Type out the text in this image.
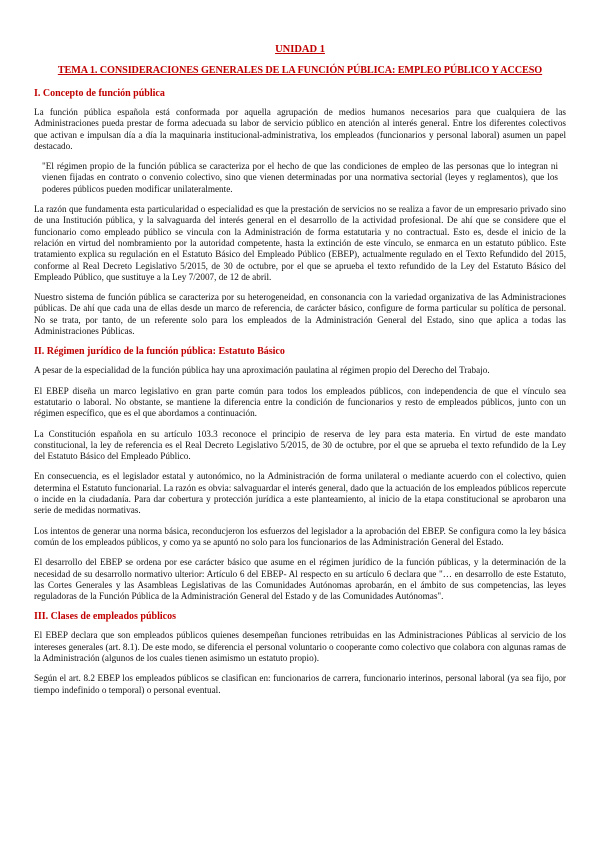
UNIDAD 1
TEMA 1. CONSIDERACIONES GENERALES DE LA FUNCIÓN PÚBLICA: EMPLEO PÚBLICO Y ACCESO
I. Concepto de función pública

La función pública española está conformada por aquella agrupación de medios humanos necesarios para que cualquiera de las Administraciones pueda prestar de forma adecuada su labor de servicio público en atención al interés general. Entre los diferentes colectivos que activan e impulsan día a día la maquinaria institucional-administrativa, los empleados (funcionarios y personal laboral) asumen un papel destacado.

"El régimen propio de la función pública se caracteriza por el hecho de que las condiciones de empleo de las personas que lo integran ni vienen fijadas en contrato o convenio colectivo, sino que vienen determinadas por una normativa sectorial (leyes y reglamentos), que los poderes públicos pueden modificar unilateralmente.

La razón que fundamenta esta particularidad o especialidad es que la prestación de servicios no se realiza a favor de un empresario privado sino de una Institución pública, y la salvaguarda del interés general en el desarrollo de la actividad profesional. De ahí que se considere que el funcionario como empleado público se vincula con la Administración de forma estatutaria y no contractual. Esto es, desde el inicio de la relación en virtud del nombramiento por la autoridad competente, hasta la extinción de este vínculo, se enmarca en un estatuto público. Este tratamiento explica su regulación en el Estatuto Básico del Empleado Público (EBEP), actualmente regulado en el Texto Refundido del 2015, conforme al Real Decreto Legislativo 5/2015, de 30 de octubre, por el que se aprueba el texto refundido de la Ley del Estatuto Básico del Empleado Público, que sustituye a la Ley 7/2007, de 12 de abril.

Nuestro sistema de función pública se caracteriza por su heterogeneidad, en consonancia con la variedad organizativa de las Administraciones públicas. De ahí que cada una de ellas desde un marco de referencia, de carácter básico, configure de forma particular su política de personal. No se trata, por tanto, de un referente solo para los empleados de la Administración General del Estado, sino que aplica a todas las Administraciones Públicas.

II. Régimen jurídico de la función pública: Estatuto Básico

A pesar de la especialidad de la función pública hay una aproximación paulatina al régimen propio del Derecho del Trabajo.

El EBEP diseña un marco legislativo en gran parte común para todos los empleados públicos, con independencia de que el vínculo sea estatutario o laboral. No obstante, se mantiene la diferencia entre la condición de funcionarios y resto de empleados públicos, junto con un régimen específico, que es el que abordamos a continuación.

La Constitución española en su artículo 103.3 reconoce el principio de reserva de ley para esta materia. En virtud de este mandato constitucional, la ley de referencia es el Real Decreto Legislativo 5/2015, de 30 de octubre, por el que se aprueba el texto refundido de la Ley del Estatuto Básico del Empleado Público.

En consecuencia, es el legislador estatal y autonómico, no la Administración de forma unilateral o mediante acuerdo con el colectivo, quien determina el Estatuto funcionarial. La razón es obvia: salvaguardar el interés general, dado que la actuación de los empleados públicos repercute o incide en la ciudadanía. Para dar cobertura y protección jurídica a este planteamiento, al inicio de la etapa constitucional se aprobaron una serie de medidas normativas.

Los intentos de generar una norma básica, reconducjeron los esfuerzos del legislador a la aprobación del EBEP. Se configura como la ley básica común de los empleados públicos, y como ya se apuntó no solo para los funcionarios de las Administración General del Estado.

El desarrollo del EBEP se ordena por ese carácter básico que asume en el régimen jurídico de la función públicas, y la determinación de la necesidad de su desarrollo normativo ulterior: Artículo 6 del EBEP- Al respecto en su artículo 6 declara que "… en desarrollo de este Estatuto, las Cortes Generales y las Asambleas Legislativas de las Comunidades Autónomas aprobarán, en el ámbito de sus competencias, las leyes reguladoras de la Función Pública de la Administración General del Estado y de las Comunidades Autónomas".

III. Clases de empleados públicos

El EBEP declara que son empleados públicos quienes desempeñan funciones retribuidas en las Administraciones Públicas al servicio de los intereses generales (art. 8.1). De este modo, se diferencia el personal voluntario o cooperante como colectivo que colabora con algunas ramas de la Administración (algunos de los cuales tienen asimismo un estatuto propio).

Según el art. 8.2 EBEP los empleados públicos se clasifican en: funcionarios de carrera, funcionario interinos, personal laboral (ya sea fijo, por tiempo indefinido o temporal) o personal eventual.
